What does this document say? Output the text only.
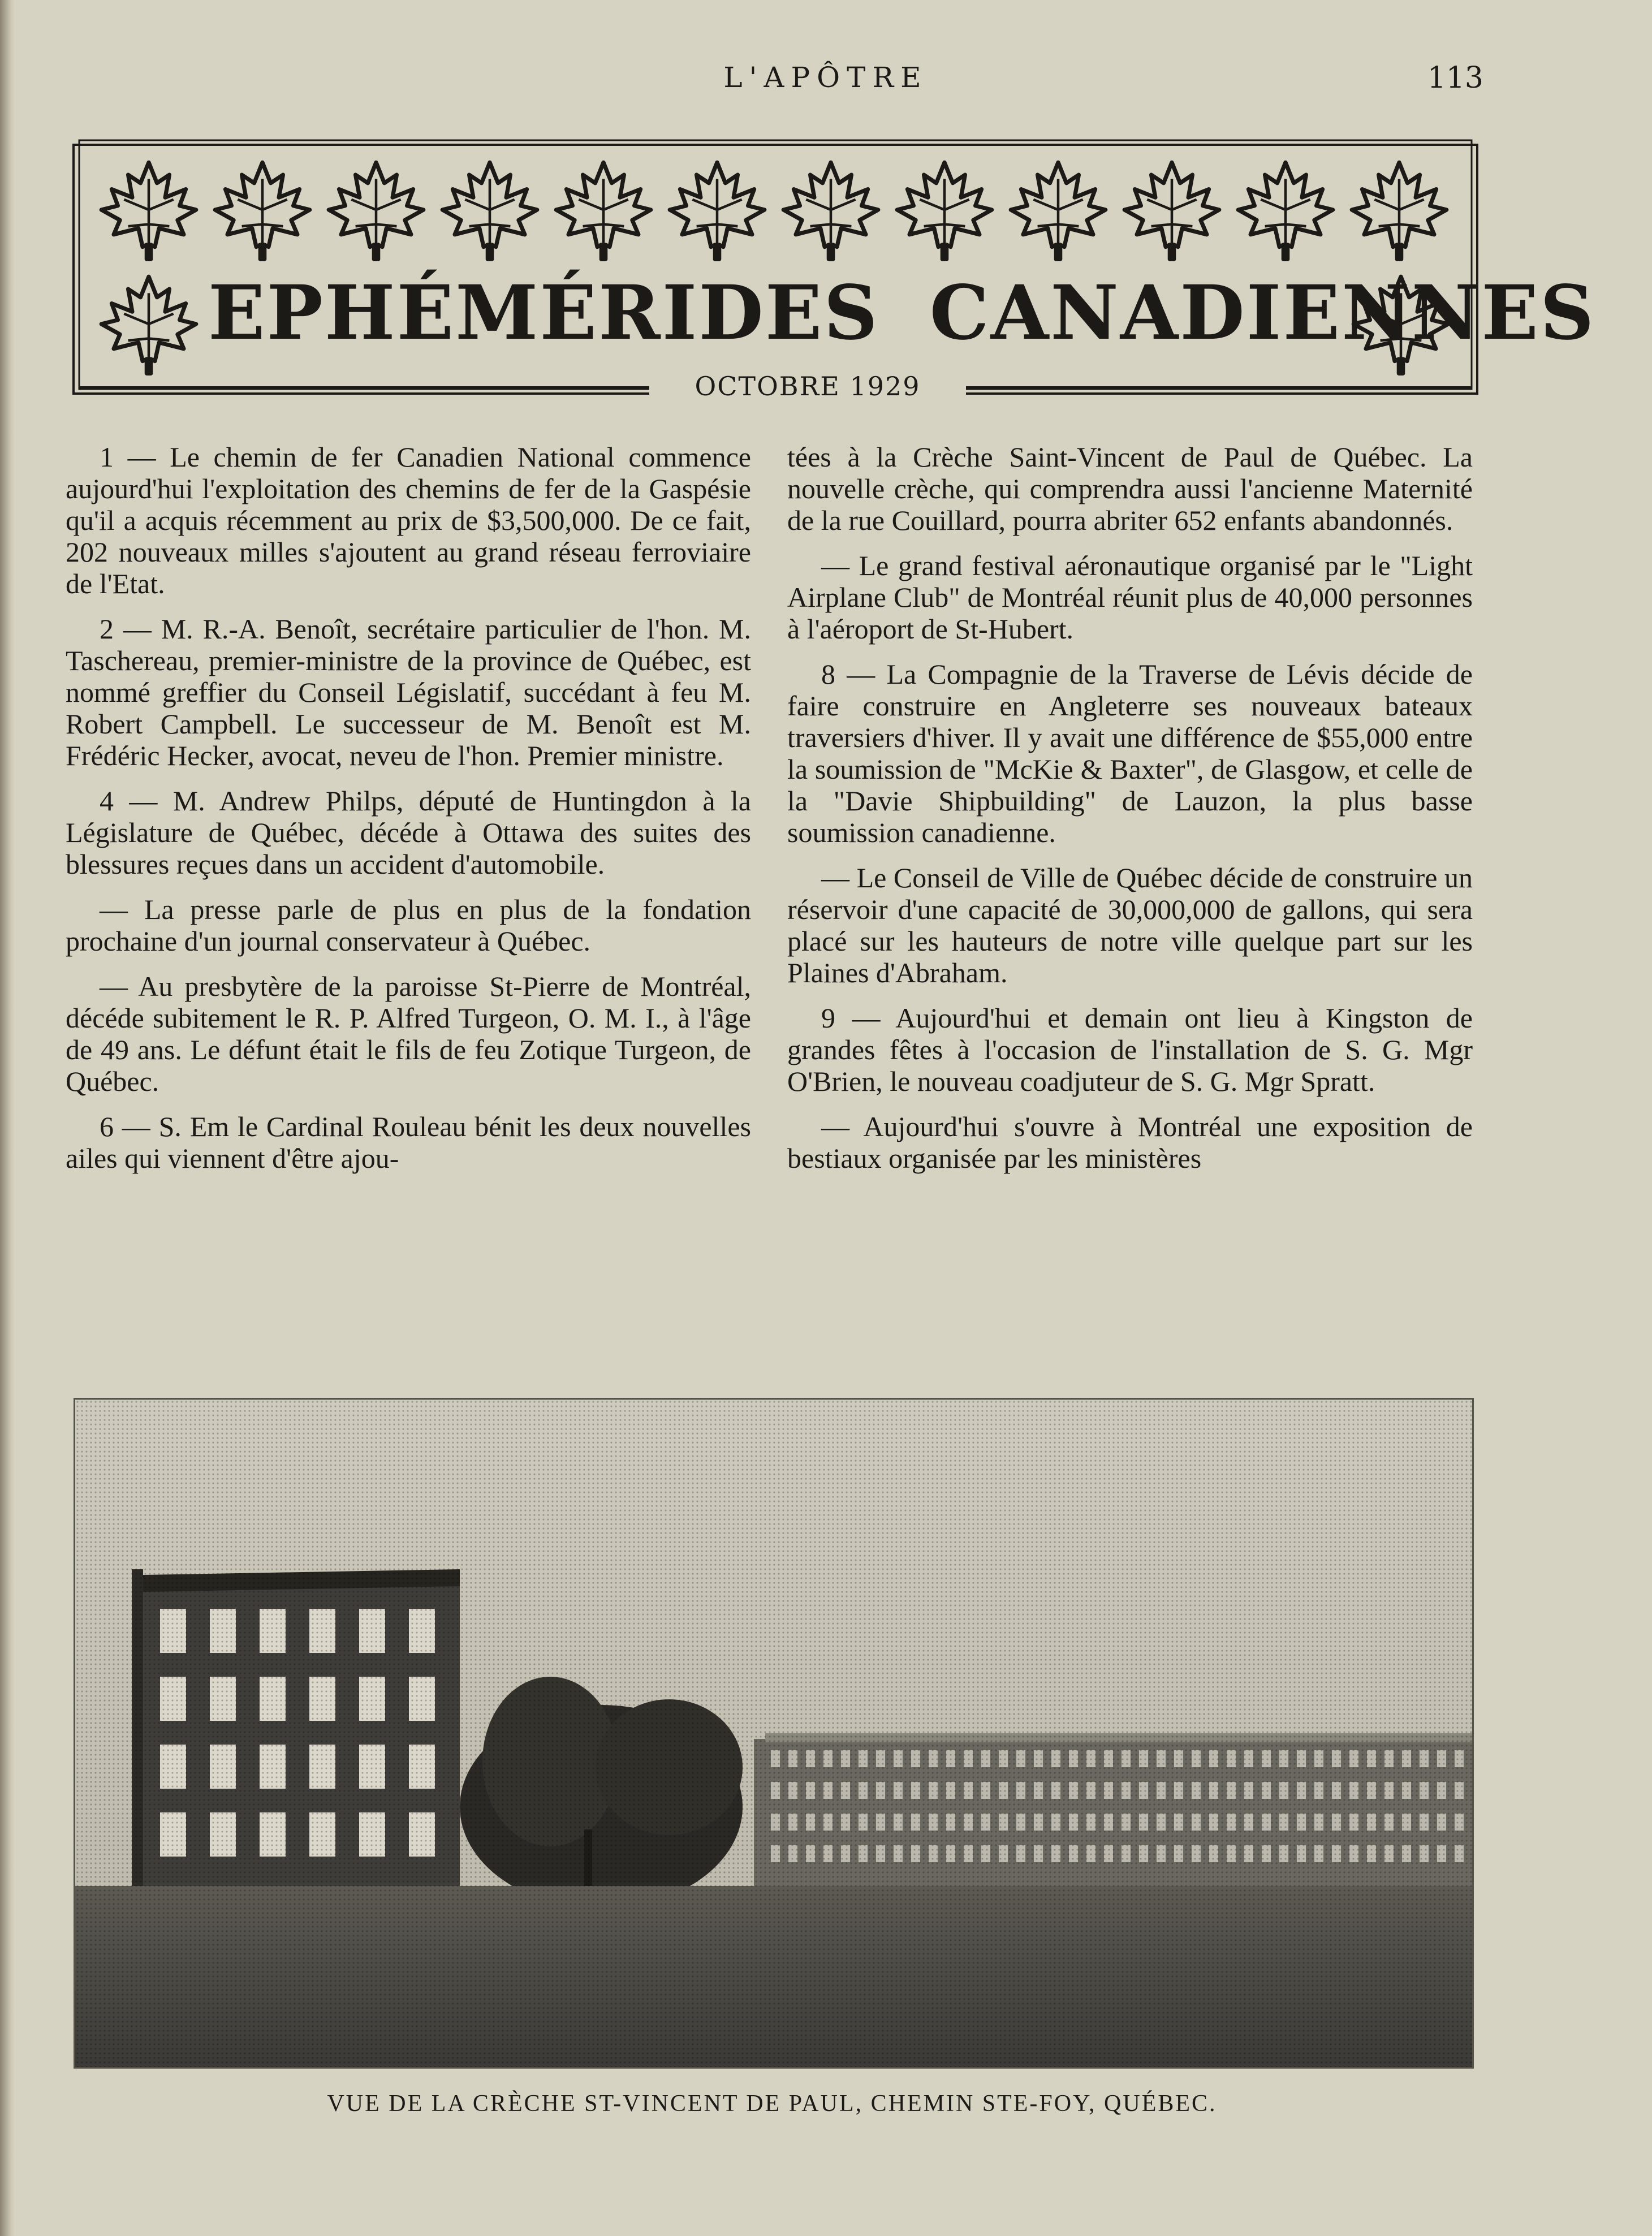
L'APÔTRE	113
EPHÉMÉRIDES CANADIENNES
OCTOBRE 1929

1 — Le chemin de fer Canadien National commence aujourd'hui l'exploitation des chemins de fer de la Gaspésie qu'il a acquis récemment au prix de $3,500,000. De ce fait, 202 nouveaux milles s'ajoutent au grand réseau ferroviaire de l'Etat.

2 — M. R.-A. Benoît, secrétaire particulier de l'hon. M. Taschereau, premier-ministre de la province de Québec, est nommé greffier du Conseil Législatif, succédant à feu M. Robert Campbell. Le successeur de M. Benoît est M. Frédéric Hecker, avocat, neveu de l'hon. Premier ministre.

4 — M. Andrew Philps, député de Huntingdon à la Législature de Québec, décéde à Ottawa des suites des blessures reçues dans un accident d'automobile.

— La presse parle de plus en plus de la fondation prochaine d'un journal conservateur à Québec.

— Au presbytère de la paroisse St-Pierre de Montréal, décéde subitement le R. P. Alfred Turgeon, O. M. I., à l'âge de 49 ans. Le défunt était le fils de feu Zotique Turgeon, de Québec.

6 — S. Em le Cardinal Rouleau bénit les deux nouvelles ailes qui viennent d'être ajou-

tées à la Crèche Saint-Vincent de Paul de Québec. La nouvelle crèche, qui comprendra aussi l'ancienne Maternité de la rue Couillard, pourra abriter 652 enfants abandonnés.

— Le grand festival aéronautique organisé par le "Light Airplane Club" de Montréal réunit plus de 40,000 personnes à l'aéroport de St-Hubert.

8 — La Compagnie de la Traverse de Lévis décide de faire construire en Angleterre ses nouveaux bateaux traversiers d'hiver. Il y avait une différence de $55,000 entre la soumission de "McKie & Baxter", de Glasgow, et celle de la "Davie Shipbuilding" de Lauzon, la plus basse soumission canadienne.

— Le Conseil de Ville de Québec décide de construire un réservoir d'une capacité de 30,000,000 de gallons, qui sera placé sur les hauteurs de notre ville quelque part sur les Plaines d'Abraham.

9 — Aujourd'hui et demain ont lieu à Kingston de grandes fêtes à l'occasion de l'installation de S. G. Mgr O'Brien, le nouveau coadjuteur de S. G. Mgr Spratt.

— Aujourd'hui s'ouvre à Montréal une exposition de bestiaux organisée par les ministères

VUE DE LA CRÈCHE ST-VINCENT DE PAUL, CHEMIN STE-FOY, QUÉBEC.
